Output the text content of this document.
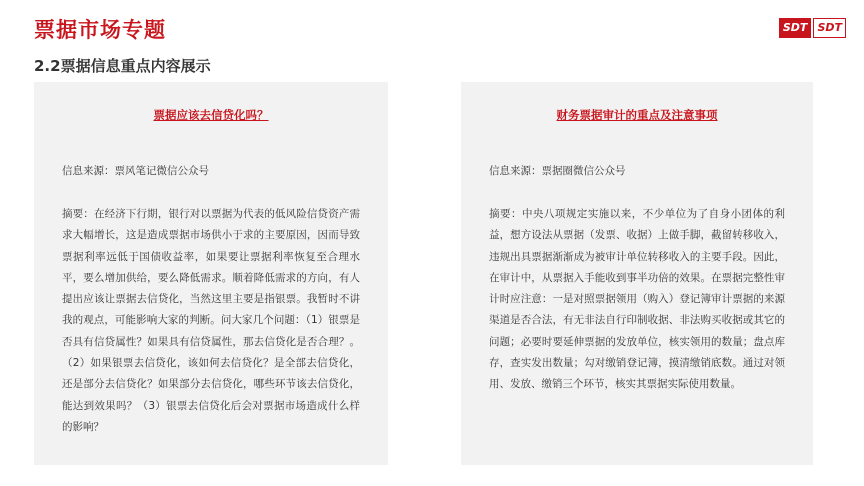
票据市场专题
2.2票据信息重点内容展示
SDT SDT

票据应该去信贷化吗？

信息来源：票风笔记微信公众号

摘要：在经济下行期，银行对以票据为代表的低风险信贷资产需求大幅增长，这是造成票据市场供小于求的主要原因，因而导致票据利率远低于国债收益率，如果要让票据利率恢复至合理水平，要么增加供给，要么降低需求。顺着降低需求的方向，有人提出应该让票据去信贷化，当然这里主要是指银票。我暂时不讲我的观点，可能影响大家的判断。问大家几个问题：（1）银票是否具有信贷属性？如果具有信贷属性，那去信贷化是否合理？。（2）如果银票去信贷化，该如何去信贷化？是全部去信贷化，还是部分去信贷化？如果部分去信贷化，哪些环节该去信贷化，能达到效果吗？（3）银票去信贷化后会对票据市场造成什么样的影响？

财务票据审计的重点及注意事项

信息来源：票据圈微信公众号

摘要：中央八项规定实施以来，不少单位为了自身小团体的利益，想方设法从票据（发票、收据）上做手脚，截留转移收入，违规出具票据渐渐成为被审计单位转移收入的主要手段。因此，在审计中，从票据入手能收到事半功倍的效果。在票据完整性审计时应注意：一是对照票据领用（购入）登记簿审计票据的来源渠道是否合法，有无非法自行印制收据、非法购买收据或其它的问题；必要时要延伸票据的发放单位，核实领用的数量；盘点库存，查实发出数量；勾对缴销登记簿，摸清缴销底数。通过对领用、发放、缴销三个环节，核实其票据实际使用数量。
